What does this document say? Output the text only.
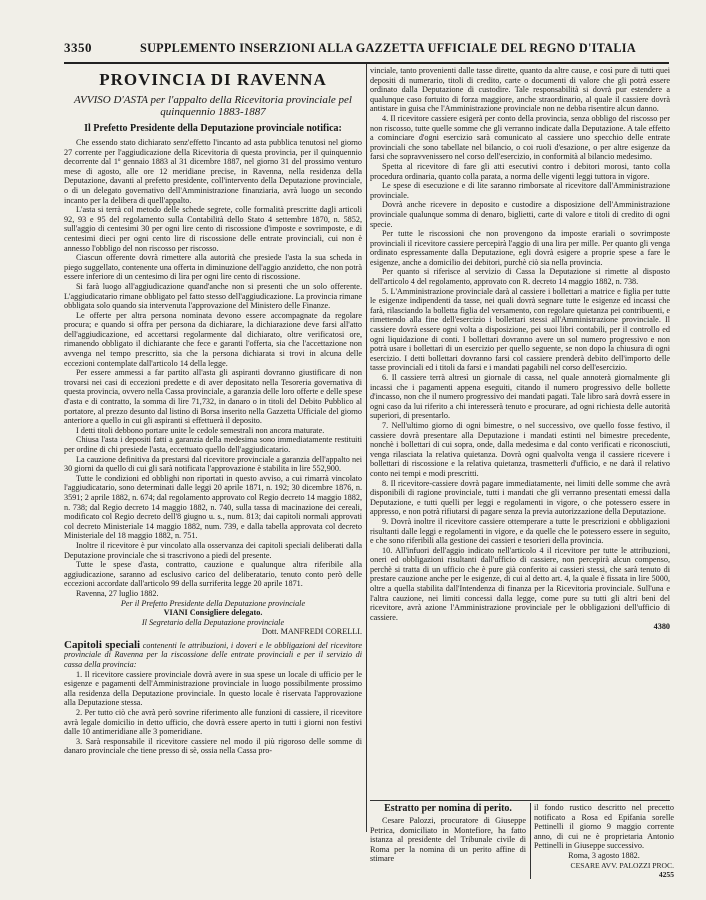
3350	SUPPLEMENTO INSERZIONI ALLA GAZZETTA UFFICIALE DEL REGNO D'ITALIA

PROVINCIA DI RAVENNA

AVVISO D'ASTA per l'appalto della Ricevitoria provinciale pel quinquennio 1883-1887

Il Prefetto Presidente della Deputazione provinciale notifica:

Che essendo stato dichiarato senz'effetto l'incanto ad asta pubblica tenutosi nel giorno 27 corrente per l'aggiudicazione della Ricevitoria di questa provincia, per il quinquennio decorrente dal 1º gennaio 1883 al 31 dicembre 1887, nel giorno 31 del prossimo venturo mese di agosto, alle ore 12 meridiane precise, in Ravenna, nella residenza della Deputazione, davanti al prefetto presidente, coll'intervento della Deputazione provinciale, o di un delegato governativo dell'Amministrazione finanziaria, avrà luogo un secondo incanto per la delibera di quell'appalto.

L'asta si terrà col metodo delle schede segrete, colle formalità prescritte dagli articoli 92, 93 e 95 del regolamento sulla Contabilità dello Stato 4 settembre 1870, n. 5852, sull'aggio di centesimi 30 per ogni lire cento di riscossione d'imposte e sovrimposte, e di centesimi dieci per ogni cento lire di riscossione delle entrate provinciali, cui non è annesso l'obbligo del non riscosso per riscosso.

Ciascun offerente dovrà rimettere alla autorità che presiede l'asta la sua scheda in piego suggellato, contenente una offerta in diminuzione dell'aggio anzidetto, che non potrà essere inferiore di un centesimo di lira per ogni lire cento di riscossione.

Si farà luogo all'aggiudicazione quand'anche non si presenti che un solo offerente. L'aggiudicatario rimane obbligato pel fatto stesso dell'aggiudicazione. La provincia rimane obbligata solo quando sia intervenuta l'approvazione del Ministero delle Finanze.

Le offerte per altra persona nominata devono essere accompagnate da regolare procura; e quando si offra per persona da dichiarare, la dichiarazione deve farsi all'atto dell'aggiudicazione, ed accettarsi regolarmente dal dichiarato, oltre verificatosi ore, rimanendo obbligato il dichiarante che fece e garanti l'offerta, sia che l'accettazione non avvenga nel tempo prescritto, sia che la persona dichiarata si trovi in alcuna delle eccezioni contemplate dall'articolo 14 della legge.

Per essere ammessi a far partito all'asta gli aspiranti dovranno giustificare di non trovarsi nei casi di eccezioni predette e di aver depositato nella Tesoreria governativa di questa provincia, ovvero nella Cassa provinciale, a garanzia delle loro offerte e delle spese d'asta e di contratto, la somma di lire 71,732, in danaro o in titoli del Debito Pubblico al portatore, al prezzo desunto dal listino di Borsa inserito nella Gazzetta Ufficiale del giorno anteriore a quello in cui gli aspiranti si effettuerà il deposito.

I detti titoli debbono portare unite le cedole semestrali non ancora maturate.

Chiusa l'asta i depositi fatti a garanzia della medesima sono immediatamente restituiti per ordine di chi presiede l'asta, eccettuato quello dell'aggiudicatario.

La cauzione definitiva da prestarsi dal ricevitore provinciale a garanzia dell'appalto nei 30 giorni da quello di cui gli sarà notificata l'approvazione è stabilita in lire 552,900.

Tutte le condizioni ed obblighi non riportati in questo avviso, a cui rimarrà vincolato l'aggiudicatario, sono determinati dalle leggi 20 aprile 1871, n. 192; 30 dicembre 1876, n. 3591; 2 aprile 1882, n. 674; dal regolamento approvato col Regio decreto 14 maggio 1882, n. 738; dal Regio decreto 14 maggio 1882, n. 740, sulla tassa di macinazione dei cereali, modificato col Regio decreto dell'8 giugno u. s., num. 813; dai capitoli normali approvati col decreto Ministeriale 14 maggio 1882, num. 739, e dalla tabella approvata col decreto Ministeriale del 18 maggio 1882, n. 751.

Inoltre il ricevitore è pur vincolato alla osservanza dei capitoli speciali deliberati dalla Deputazione provinciale che si trascrivono a piedi del presente.

Tutte le spese d'asta, contratto, cauzione e qualunque altra riferibile alla aggiudicazione, saranno ad esclusivo carico del deliberatario, tenuto conto però delle eccezioni accordate dall'articolo 99 della surriferita legge 20 aprile 1871.

Ravenna, 27 luglio 1882.

Per il Prefetto Presidente della Deputazione provinciale

VIANI Consigliere delegato.

Il Segretario della Deputazione provinciale

Dott. MANFREDI CORELLI.

Capitoli speciali contenenti le attribuzioni, i doveri e le obbligazioni del ricevitore provinciale di Ravenna per la riscossione delle entrate provinciali e per il servizio di cassa della provincia:

1. Il ricevitore cassiere provinciale dovrà avere in sua spese un locale di ufficio per le esigenze e pagamenti dell'Amministrazione provinciale in luogo possibilmente prossimo alla residenza della Deputazione provinciale. In questo locale è riservata l'approvazione alla Deputazione stessa.

2. Per tutto ciò che avrà però sovrine riferimento alle funzioni di cassiere, il ricevitore avrà legale domicilio in detto ufficio, che dovrà essere aperto in tutti i giorni non festivi dalle 10 antimeridiane alle 3 pomeridiane.

3. Sarà responsabile il ricevitore cassiere nel modo il più rigoroso delle somme di danaro provinciale che tiene presso di sè, ossia nella Cassa pro-

vinciale, tanto provenienti dalle tasse dirette, quanto da altre cause, e così pure di tutti quei depositi di numerario, titoli di credito, carte o documenti di valore che gli potrà essere ordinato dalla Deputazione di custodire. Tale responsabilità si dovrà pur estendere a qualunque caso fortuito di forza maggiore, anche straordinario, al quale il cassiere dovrà antistare in guisa che l'Amministrazione provinciale non ne debba risentire alcun danno.

4. Il ricevitore cassiere esigerà per conto della provincia, senza obbligo del riscosso per non riscosso, tutte quelle somme che gli verranno indicate dalla Deputazione. A tale effetto a cominciare d'ogni esercizio sarà comunicato al cassiere uno specchio delle entrate provinciali che sono tabellate nel bilancio, o coi ruoli d'esazione, o per altre esigenze da farsi che sopravvenissero nel corso dell'esercizio, in conformità al bilancio medesimo.

Spetta al ricevitore di fare gli atti esecutivi contro i debitori morosi, tanto colla procedura ordinaria, quanto colla parata, a norma delle vigenti leggi tuttora in vigore.

Le spese di esecuzione e di lite saranno rimborsate al ricevitore dall'Amministrazione provinciale.

Dovrà anche ricevere in deposito e custodire a disposizione dell'Amministrazione provinciale qualunque somma di denaro, biglietti, carte di valore e titoli di credito di ogni specie.

Per tutte le riscossioni che non provengono da imposte erariali o sovrimposte provinciali il ricevitore cassiere percepirà l'aggio di una lira per mille. Per quanto gli venga ordinato espressamente dalla Deputazione, egli dovrà esigere a proprie spese a fare le esigenze, anche a domicilio dei debitori, purchè ciò sia nella provincia.

Per quanto si riferisce al servizio di Cassa la Deputazione si rimette al disposto dell'articolo 4 del regolamento, approvato con R. decreto 14 maggio 1882, n. 738.

5. L'Amministrazione provinciale darà al cassiere i bollettari a matrice e figlia per tutte le esigenze indipendenti da tasse, nei quali dovrà segnare tutte le esigenze ed incassi che farà, rilasciando la bolletta figlia del versamento, con regolare quietanza pei contribuenti, e rimettendo alla fine dell'esercizio i bollettari stessi all'Amministrazione provinciale. Il cassiere dovrà essere ogni volta a disposizione, pei suoi libri contabili, per il controllo ed ogni liquidazione di conti. I bollettari dovranno avere un sol numero progressivo e non potrà usare i bollettari di un esercizio per quello seguente, se non dopo la chiusura di ogni esercizio. I detti bollettari dovranno farsi col cassiere prenderà debito dell'importo delle tasse provinciali ed i titoli da farsi e i mandati pagabili nel corso dell'esercizio.

6. Il cassiere terrà altresì un giornale di cassa, nel quale annoterà giornalmente gli incassi che i pagamenti appena eseguiti, citando il numero progressivo delle bollette d'incasso, non che il numero progressivo dei mandati pagati. Tale libro sarà dovrà essere in ogni caso da lui riferito a chi interesserà tenuto e procurare, ad ogni richiesta delle autorità superiori, di presentarlo.

7. Nell'ultimo giorno di ogni bimestre, o nel successivo, ove quello fosse festivo, il cassiere dovrà presentare alla Deputazione i mandati estinti nel bimestre precedente, nonchè i bollettari di cui sopra, onde, dalla medesima e dal conto verificati e riconosciuti, venga rilasciata la relativa quietanza. Dovrà ogni qualvolta venga il cassiere ricevere i bollettari di riscossione e la relativa quietanza, trasmetterli d'ufficio, e ne darà il relativo conto nei tempi e modi prescritti.

8. Il ricevitore-cassiere dovrà pagare immediatamente, nei limiti delle somme che avrà disponibili di ragione provinciale, tutti i mandati che gli verranno presentati emessi dalla Deputazione, e tutti quelli per leggi e regolamenti in vigore, o che potessero essere in appresso, e non potrà rifiutarsi di pagare senza la previa autorizzazione della Deputazione.

9. Dovrà inoltre il ricevitore cassiere ottemperare a tutte le prescrizioni e obbligazioni risultanti dalle leggi e regolamenti in vigore, e da quelle che le potessero essere in seguito, e che sono riferibili alla gestione dei cassieri e tesorieri della provincia.

10. All'infuori dell'aggio indicato nell'articolo 4 il ricevitore per tutte le attribuzioni, oneri ed obbligazioni risultanti dall'ufficio di cassiere, non percepirà alcun compenso, perchè si tratta di un ufficio che è pure già conferito ai cassieri stessi, che sarà tenuto di prestare cauzione anche per le esigenze, di cui al detto art. 4, la quale è fissata in lire 5000, oltre a quella stabilita dall'Intendenza di finanza per la Ricevitoria provinciale. Sull'una e l'altra cauzione, nei limiti concessi dalla legge, come pure su tutti gli altri beni del ricevitore, avrà azione l'Amministrazione provinciale per le obbligazioni dell'ufficio di cassiere.

4380

Estratto per nomina di perito.

Cesare Palozzi, procuratore di Giuseppe Petrica, domiciliato in Montefiore, ha fatto istanza al presidente del Tribunale civile di Roma per la nomina di un perito affine di stimare

il fondo rustico descritto nel precetto notificato a Rosa ed Epifania sorelle Pettinelli il giorno 9 maggio corrente anno, di cui ne è proprietaria Antonio Pettinelli in Giuseppe successivo.

Roma, 3 agosto 1882.

CESARE AVV. PALOZZI PROC.

4255
